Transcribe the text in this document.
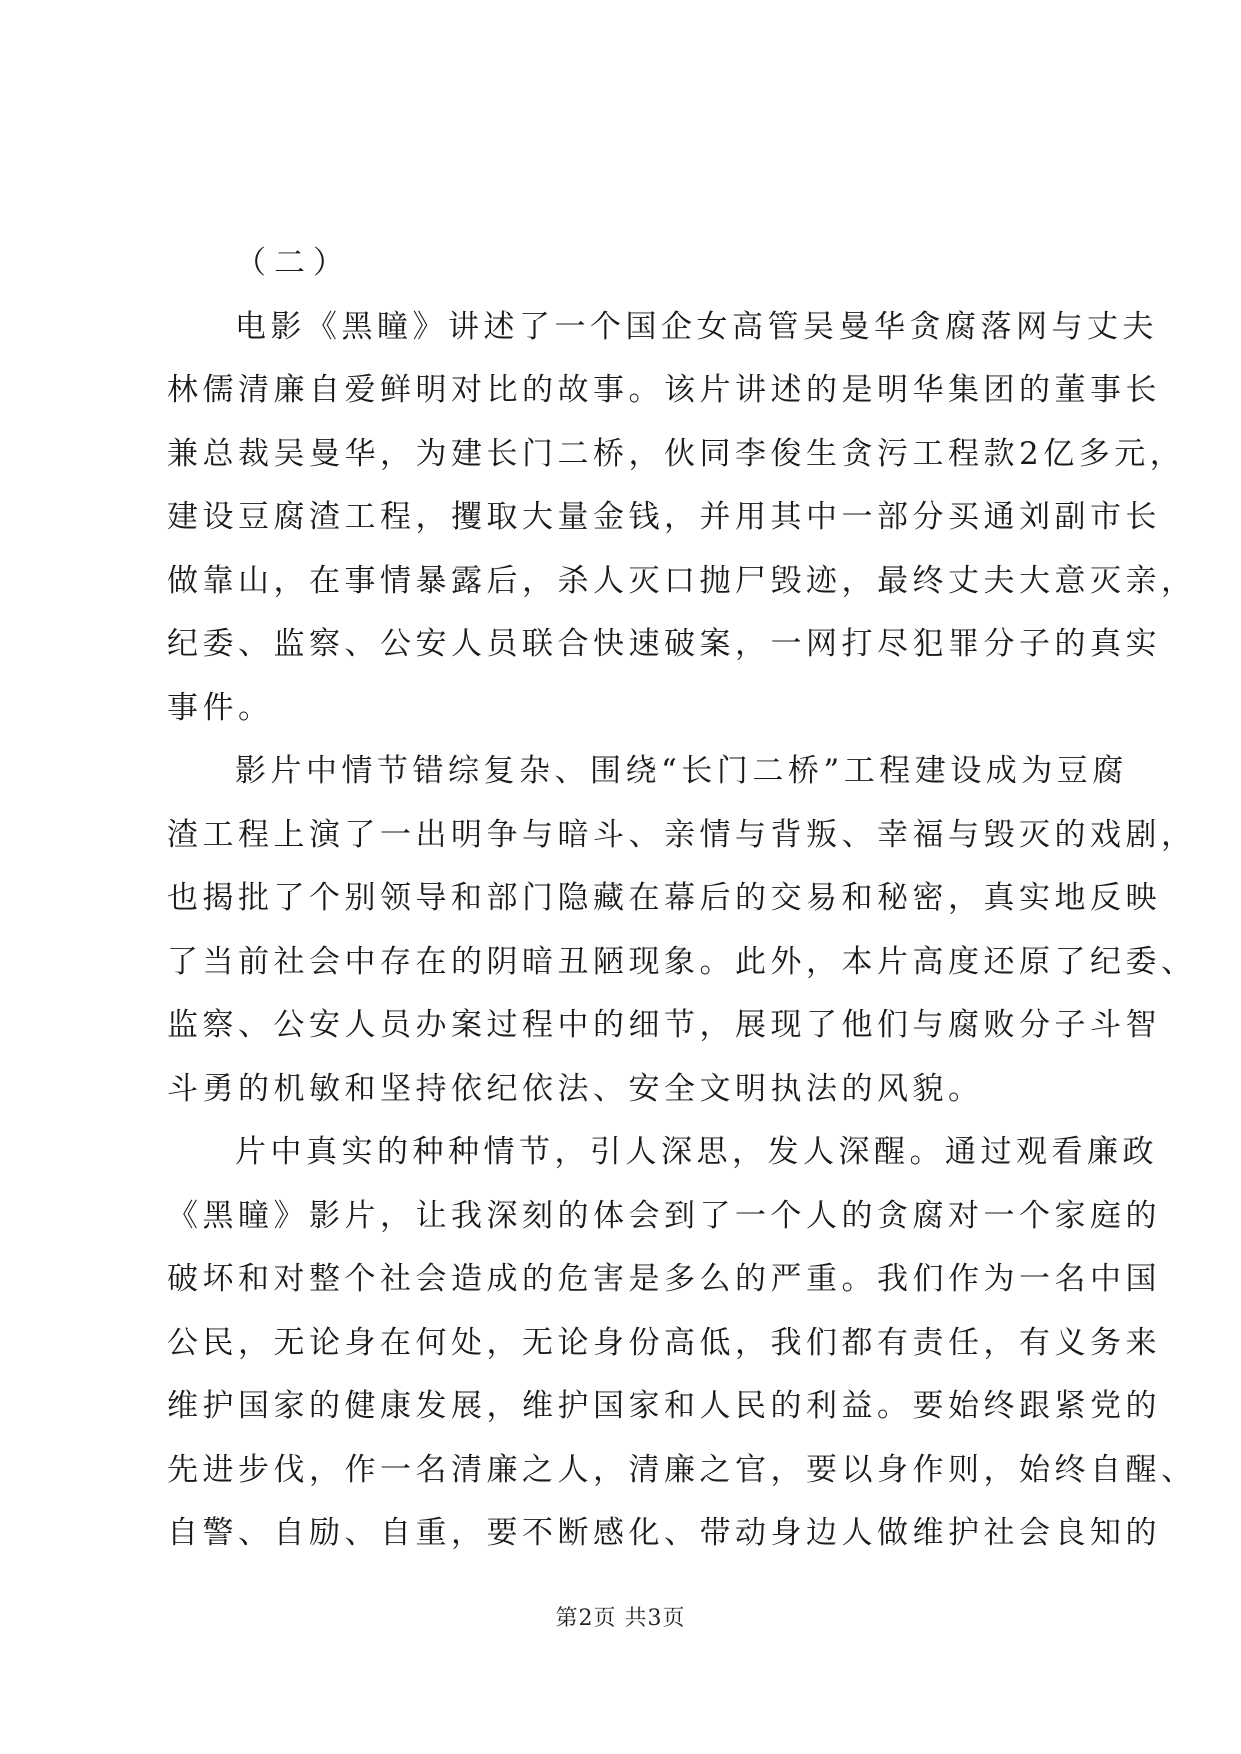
（二）
电影《黑瞳》讲述了一个国企女高管吴曼华贪腐落网与丈夫
林儒清廉自爱鲜明对比的故事。该片讲述的是明华集团的董事长
兼总裁吴曼华，为建长门二桥，伙同李俊生贪污工程款2亿多元，
建设豆腐渣工程，攫取大量金钱，并用其中一部分买通刘副市长
做靠山，在事情暴露后，杀人灭口抛尸毁迹，最终丈夫大意灭亲，
纪委、监察、公安人员联合快速破案，一网打尽犯罪分子的真实
事件。
影片中情节错综复杂、围绕“长门二桥”工程建设成为豆腐
渣工程上演了一出明争与暗斗、亲情与背叛、幸福与毁灭的戏剧，
也揭批了个别领导和部门隐藏在幕后的交易和秘密，真实地反映
了当前社会中存在的阴暗丑陋现象。此外，本片高度还原了纪委、
监察、公安人员办案过程中的细节，展现了他们与腐败分子斗智
斗勇的机敏和坚持依纪依法、安全文明执法的风貌。
片中真实的种种情节，引人深思，发人深醒。通过观看廉政
《黑瞳》影片，让我深刻的体会到了一个人的贪腐对一个家庭的
破坏和对整个社会造成的危害是多么的严重。我们作为一名中国
公民，无论身在何处，无论身份高低，我们都有责任，有义务来
维护国家的健康发展，维护国家和人民的利益。要始终跟紧党的
先进步伐，作一名清廉之人，清廉之官，要以身作则，始终自醒、
自警、自励、自重，要不断感化、带动身边人做维护社会良知的
第2页 共3页
